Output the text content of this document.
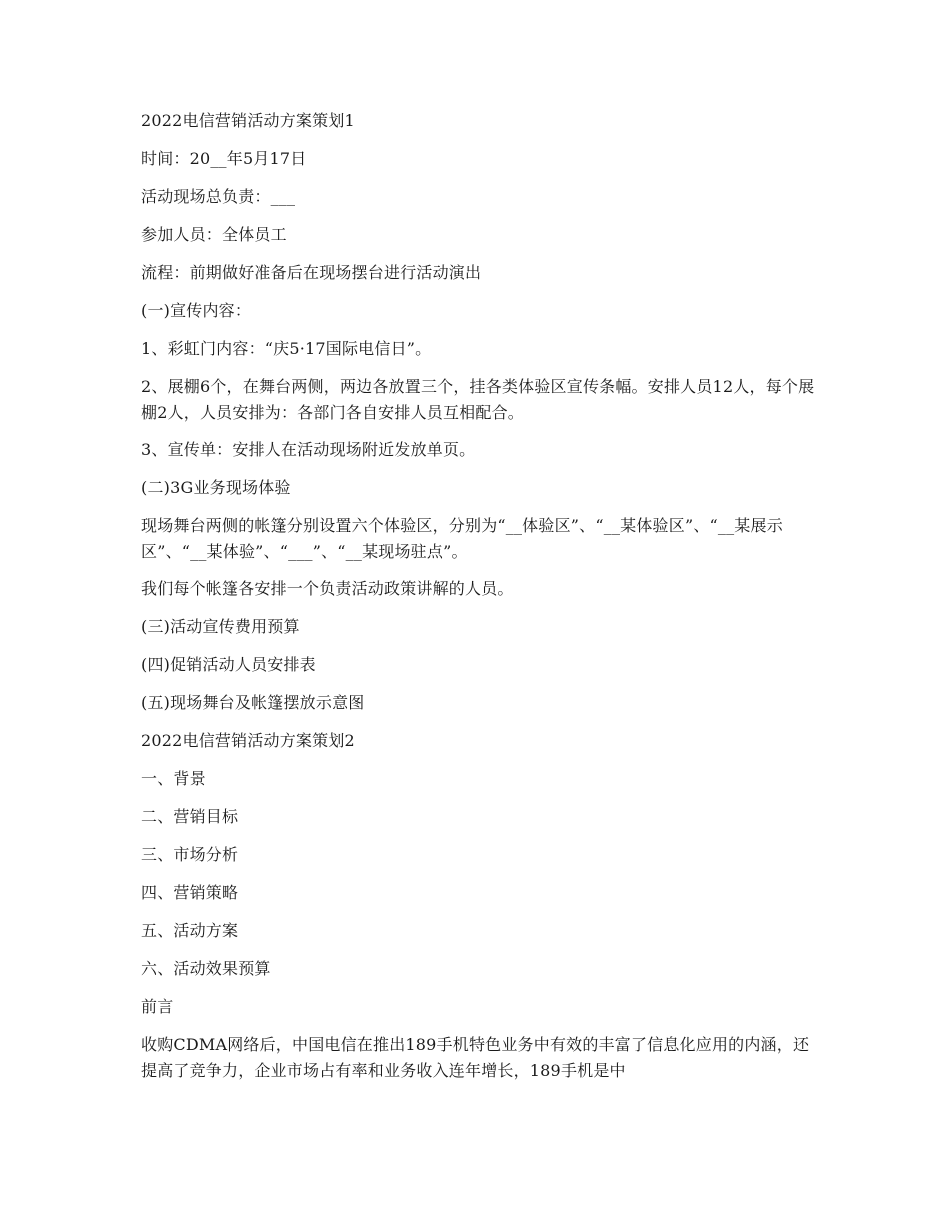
2022电信营销活动方案策划1

时间：20__年5月17日

活动现场总负责：___

参加人员：全体员工

流程：前期做好准备后在现场摆台进行活动演出

(一)宣传内容：

1、彩虹门内容：“庆5·17国际电信日”。

2、展棚6个，在舞台两侧，两边各放置三个，挂各类体验区宣传条幅。安排人员12人，每个展棚2人，人员安排为：各部门各自安排人员互相配合。

3、宣传单：安排人在活动现场附近发放单页。

(二)3G业务现场体验

现场舞台两侧的帐篷分别设置六个体验区，分别为“__体验区”、“__某体验区”、“__某展示区”、“__某体验”、“___”、“__某现场驻点”。

我们每个帐篷各安排一个负责活动政策讲解的人员。

(三)活动宣传费用预算

(四)促销活动人员安排表

(五)现场舞台及帐篷摆放示意图

2022电信营销活动方案策划2

一、背景

二、营销目标

三、市场分析

四、营销策略

五、活动方案

六、活动效果预算

前言

收购CDMA网络后，中国电信在推出189手机特色业务中有效的丰富了信息化应用的内涵，还提高了竞争力，企业市场占有率和业务收入连年增长，189手机是中
